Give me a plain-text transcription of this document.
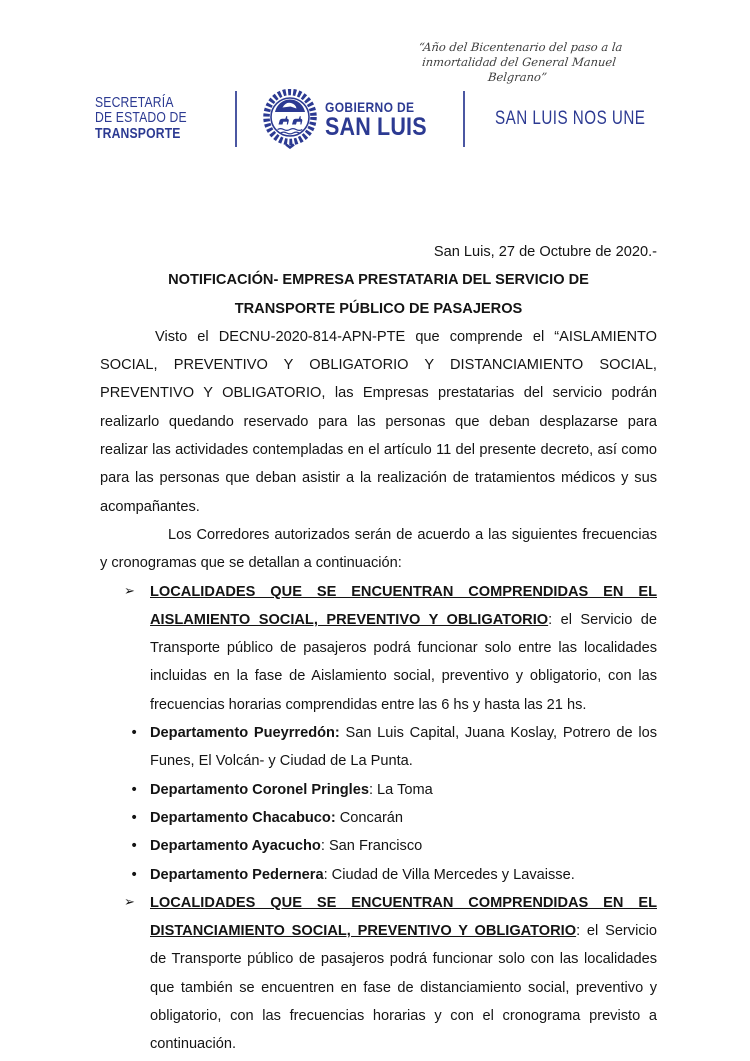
“Año del Bicentenario del paso a la
inmortalidad del General Manuel Belgrano”
SECRETARÍA
DE ESTADO DE
TRANSPORTE
GOBIERNO DE
SAN LUIS	SAN LUIS NOS UNE

San Luis, 27 de Octubre de 2020.-

NOTIFICACIÓN- EMPRESA PRESTATARIA DEL SERVICIO DE
TRANSPORTE PÚBLICO DE PASAJEROS

Visto el DECNU-2020-814-APN-PTE que comprende el “AISLAMIENTO SOCIAL, PREVENTIVO Y OBLIGATORIO Y DISTANCIAMIENTO SOCIAL, PREVENTIVO Y OBLIGATORIO, las Empresas prestatarias del servicio podrán realizarlo quedando reservado para las personas que deban desplazarse para realizar las actividades contempladas en el artículo 11 del presente decreto, así como para las personas que deban asistir a la realización de tratamientos médicos y sus acompañantes.

Los Corredores autorizados serán de acuerdo a las siguientes frecuencias y cronogramas que se detallan a continuación:

➢ LOCALIDADES QUE SE ENCUENTRAN COMPRENDIDAS EN EL AISLAMIENTO SOCIAL, PREVENTIVO Y OBLIGATORIO: el Servicio de Transporte público de pasajeros podrá funcionar solo entre las localidades incluidas en la fase de Aislamiento social, preventivo y obligatorio, con las frecuencias horarias comprendidas entre las 6 hs y hasta las 21 hs.
• Departamento Pueyrredón: San Luis Capital, Juana Koslay, Potrero de los Funes, El Volcán- y Ciudad de La Punta.
• Departamento Coronel Pringles: La Toma
• Departamento Chacabuco: Concarán
• Departamento Ayacucho: San Francisco
• Departamento Pedernera: Ciudad de Villa Mercedes y Lavaisse.
➢ LOCALIDADES QUE SE ENCUENTRAN COMPRENDIDAS EN EL DISTANCIAMIENTO SOCIAL, PREVENTIVO Y OBLIGATORIO: el Servicio de Transporte público de pasajeros podrá funcionar solo con las localidades que también se encuentren en fase de distanciamiento social, preventivo y obligatorio, con las frecuencias horarias y con el cronograma previsto a continuación.
